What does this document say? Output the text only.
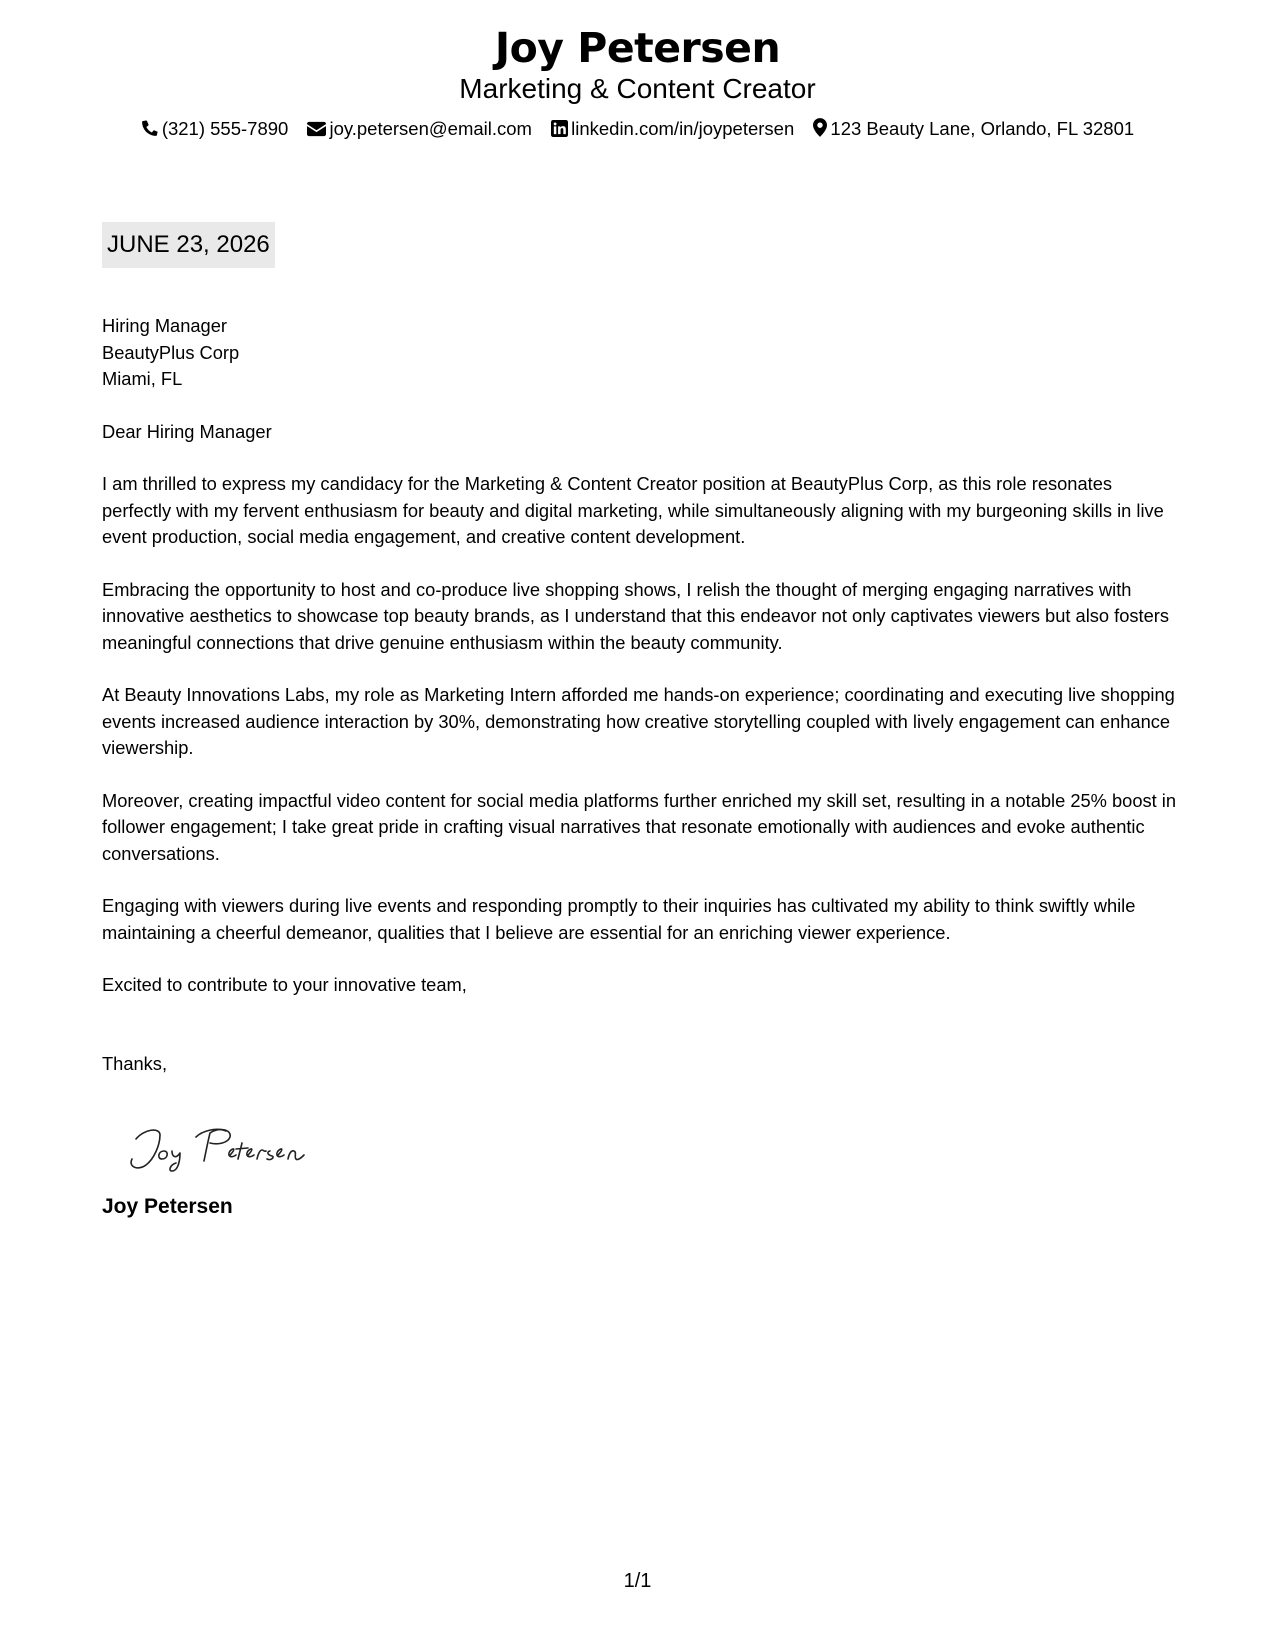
Joy Petersen
Marketing & Content Creator
(321) 555-7890 joy.petersen@email.com linkedin.com/in/joypetersen 123 Beauty Lane, Orlando, FL 32801
JUNE 23, 2026

Hiring Manager
BeautyPlus Corp
Miami, FL

Dear Hiring Manager

I am thrilled to express my candidacy for the Marketing & Content Creator position at BeautyPlus Corp, as this role resonates perfectly with my fervent enthusiasm for beauty and digital marketing, while simultaneously aligning with my burgeoning skills in live event production, social media engagement, and creative content development.

Embracing the opportunity to host and co-produce live shopping shows, I relish the thought of merging engaging narratives with innovative aesthetics to showcase top beauty brands, as I understand that this endeavor not only captivates viewers but also fosters meaningful connections that drive genuine enthusiasm within the beauty community.

At Beauty Innovations Labs, my role as Marketing Intern afforded me hands-on experience; coordinating and executing live shopping events increased audience interaction by 30%, demonstrating how creative storytelling coupled with lively engagement can enhance viewership.

Moreover, creating impactful video content for social media platforms further enriched my skill set, resulting in a notable 25% boost in follower engagement; I take great pride in crafting visual narratives that resonate emotionally with audiences and evoke authentic conversations.

Engaging with viewers during live events and responding promptly to their inquiries has cultivated my ability to think swiftly while maintaining a cheerful demeanor, qualities that I believe are essential for an enriching viewer experience.

Excited to contribute to your innovative team,

Thanks,

Joy Petersen
1/1
